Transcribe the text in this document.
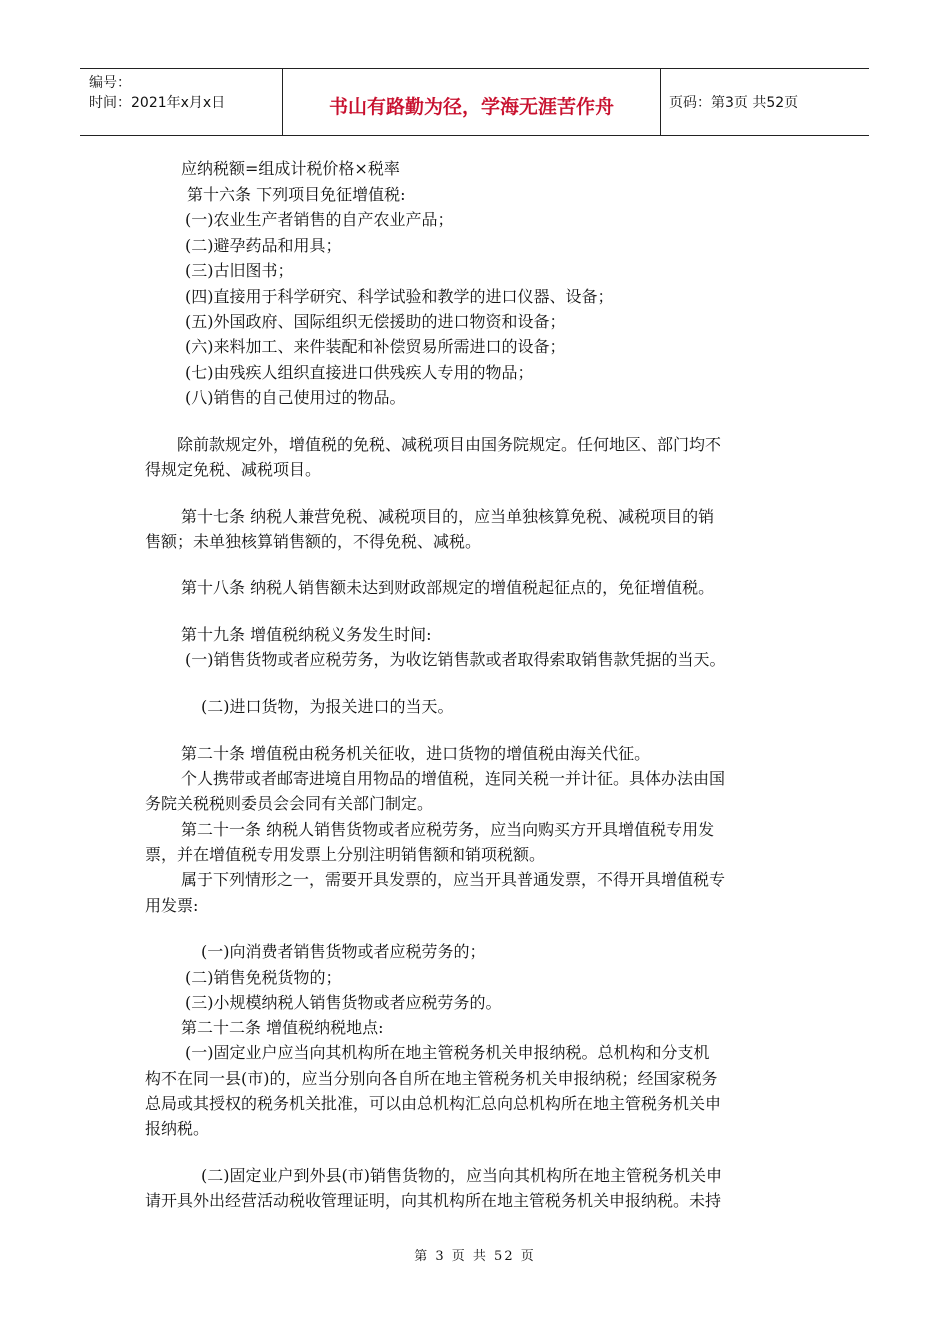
编号：
时间：2021年x月x日	书山有路勤为径，学海无涯苦作舟	页码：第3页 共52页
应纳税额=组成计税价格×税率
第十六条 下列项目免征增值税:
(一)农业生产者销售的自产农业产品；
(二)避孕药品和用具；
(三)古旧图书；
(四)直接用于科学研究、科学试验和教学的进口仪器、设备；
(五)外国政府、国际组织无偿援助的进口物资和设备；
(六)来料加工、来件装配和补偿贸易所需进口的设备；
(七)由残疾人组织直接进口供残疾人专用的物品；
(八)销售的自己使用过的物品。
除前款规定外，增值税的免税、减税项目由国务院规定。任何地区、部门均不
得规定免税、减税项目。
第十七条 纳税人兼营免税、减税项目的，应当单独核算免税、减税项目的销
售额；未单独核算销售额的，不得免税、减税。
第十八条 纳税人销售额未达到财政部规定的增值税起征点的，免征增值税。
第十九条 增值税纳税义务发生时间:
(一)销售货物或者应税劳务，为收讫销售款或者取得索取销售款凭据的当天。
(二)进口货物，为报关进口的当天。
第二十条 增值税由税务机关征收，进口货物的增值税由海关代征。
个人携带或者邮寄进境自用物品的增值税，连同关税一并计征。具体办法由国
务院关税税则委员会会同有关部门制定。
第二十一条 纳税人销售货物或者应税劳务，应当向购买方开具增值税专用发
票，并在增值税专用发票上分别注明销售额和销项税额。
属于下列情形之一，需要开具发票的，应当开具普通发票，不得开具增值税专
用发票:
(一)向消费者销售货物或者应税劳务的；
(二)销售免税货物的；
(三)小规模纳税人销售货物或者应税劳务的。
第二十二条 增值税纳税地点:
(一)固定业户应当向其机构所在地主管税务机关申报纳税。总机构和分支机
构不在同一县(市)的，应当分别向各自所在地主管税务机关申报纳税；经国家税务
总局或其授权的税务机关批准，可以由总机构汇总向总机构所在地主管税务机关申
报纳税。
(二)固定业户到外县(市)销售货物的，应当向其机构所在地主管税务机关申
请开具外出经营活动税收管理证明，向其机构所在地主管税务机关申报纳税。未持
第 3 页 共 52 页
